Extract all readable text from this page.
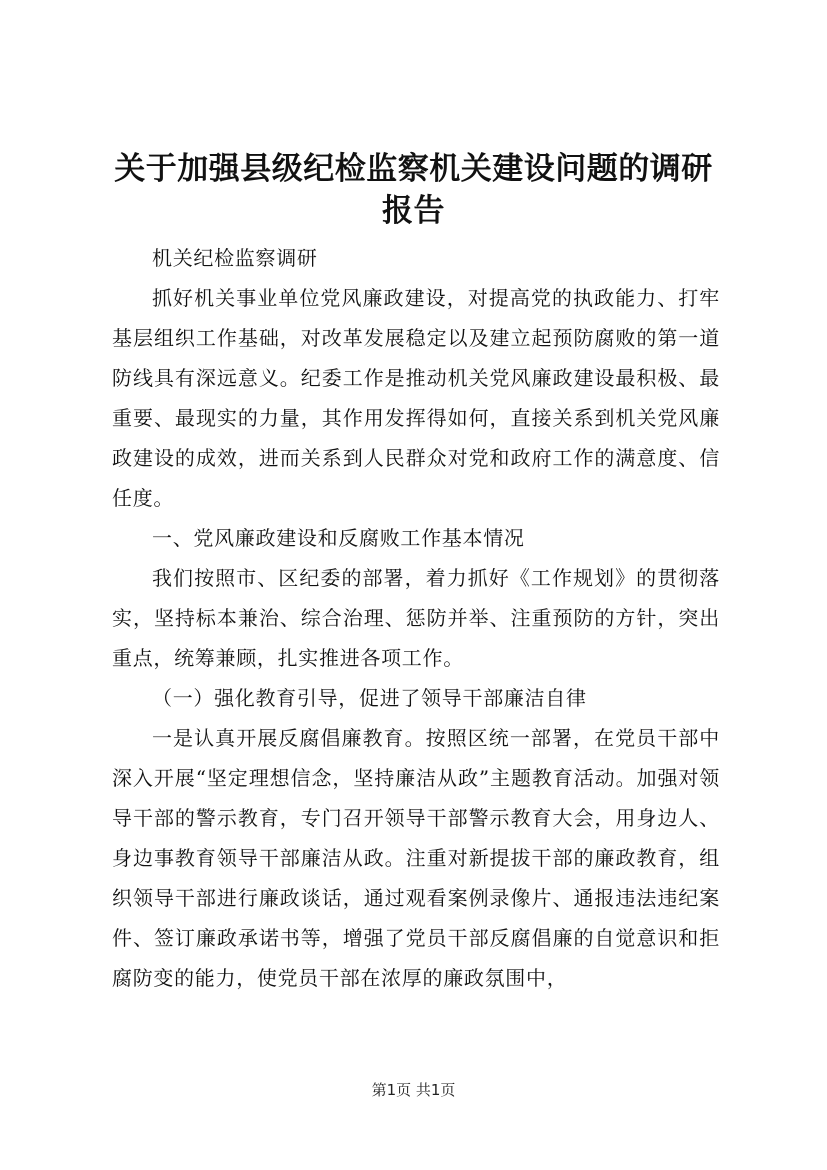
关于加强县级纪检监察机关建设问题的调研报告

机关纪检监察调研

抓好机关事业单位党风廉政建设，对提高党的执政能力、打牢基层组织工作基础，对改革发展稳定以及建立起预防腐败的第一道防线具有深远意义。纪委工作是推动机关党风廉政建设最积极、最重要、最现实的力量，其作用发挥得如何，直接关系到机关党风廉政建设的成效，进而关系到人民群众对党和政府工作的满意度、信任度。

一、党风廉政建设和反腐败工作基本情况

我们按照市、区纪委的部署，着力抓好《工作规划》的贯彻落实，坚持标本兼治、综合治理、惩防并举、注重预防的方针，突出重点，统筹兼顾，扎实推进各项工作。

（一）强化教育引导，促进了领导干部廉洁自律

一是认真开展反腐倡廉教育。按照区统一部署，在党员干部中深入开展“坚定理想信念，坚持廉洁从政”主题教育活动。加强对领导干部的警示教育，专门召开领导干部警示教育大会，用身边人、身边事教育领导干部廉洁从政。注重对新提拔干部的廉政教育，组织领导干部进行廉政谈话，通过观看案例录像片、通报违法违纪案件、签订廉政承诺书等，增强了党员干部反腐倡廉的自觉意识和拒腐防变的能力，使党员干部在浓厚的廉政氛围中，

第1页 共1页
